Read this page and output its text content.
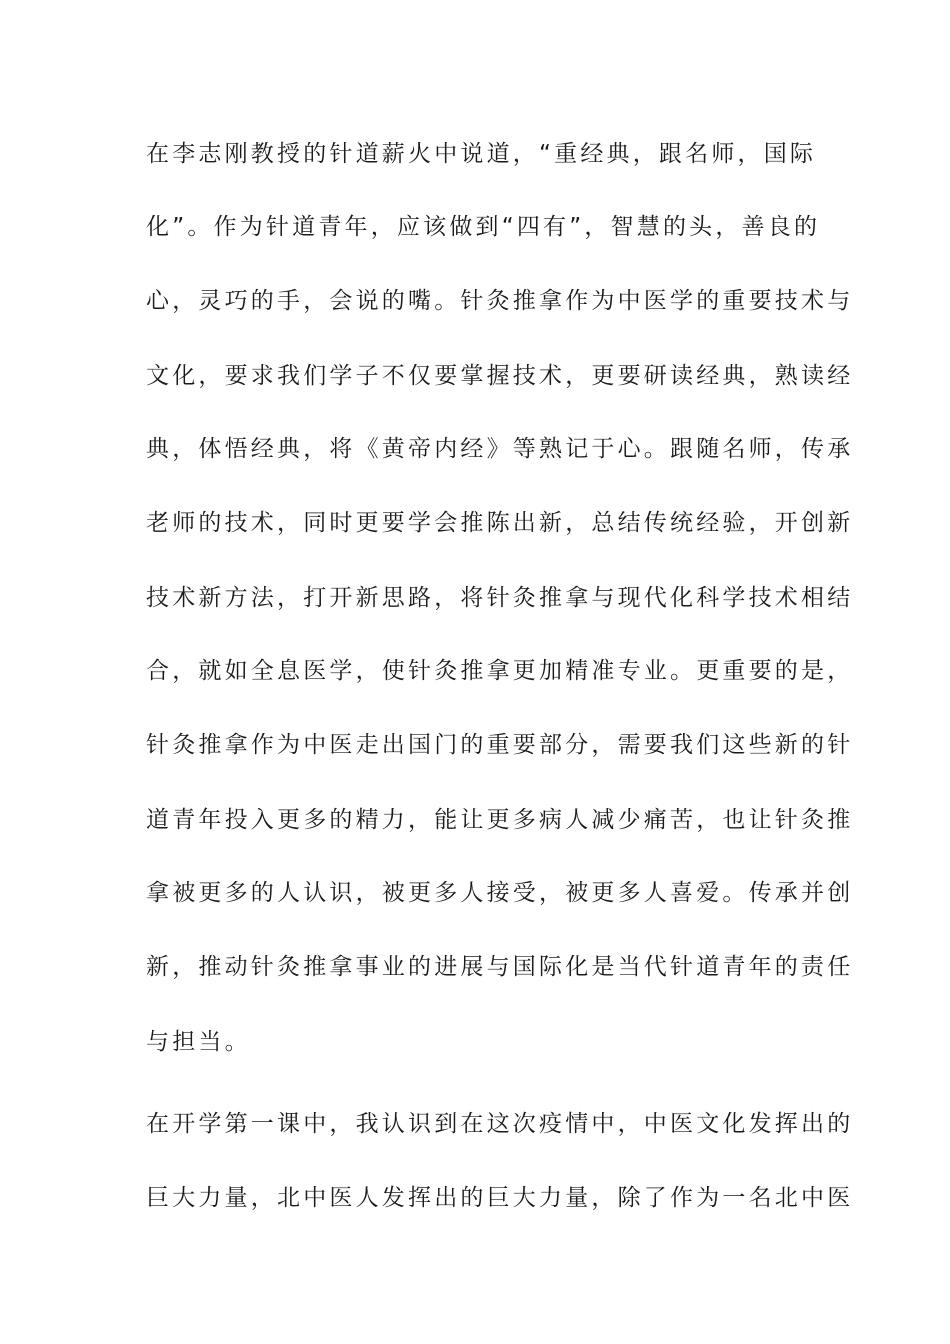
在李志刚教授的针道薪火中说道，“重经典，跟名师，国际
化”。作为针道青年，应该做到“四有”，智慧的头，善良的
心，灵巧的手，会说的嘴。针灸推拿作为中医学的重要技术与
文化，要求我们学子不仅要掌握技术，更要研读经典，熟读经
典，体悟经典，将《黄帝内经》等熟记于心。跟随名师，传承
老师的技术，同时更要学会推陈出新，总结传统经验，开创新
技术新方法，打开新思路，将针灸推拿与现代化科学技术相结
合，就如全息医学，使针灸推拿更加精准专业。更重要的是，
针灸推拿作为中医走出国门的重要部分，需要我们这些新的针
道青年投入更多的精力，能让更多病人减少痛苦，也让针灸推
拿被更多的人认识，被更多人接受，被更多人喜爱。传承并创
新，推动针灸推拿事业的进展与国际化是当代针道青年的责任
与担当。
在开学第一课中，我认识到在这次疫情中，中医文化发挥出的
巨大力量，北中医人发挥出的巨大力量，除了作为一名北中医
